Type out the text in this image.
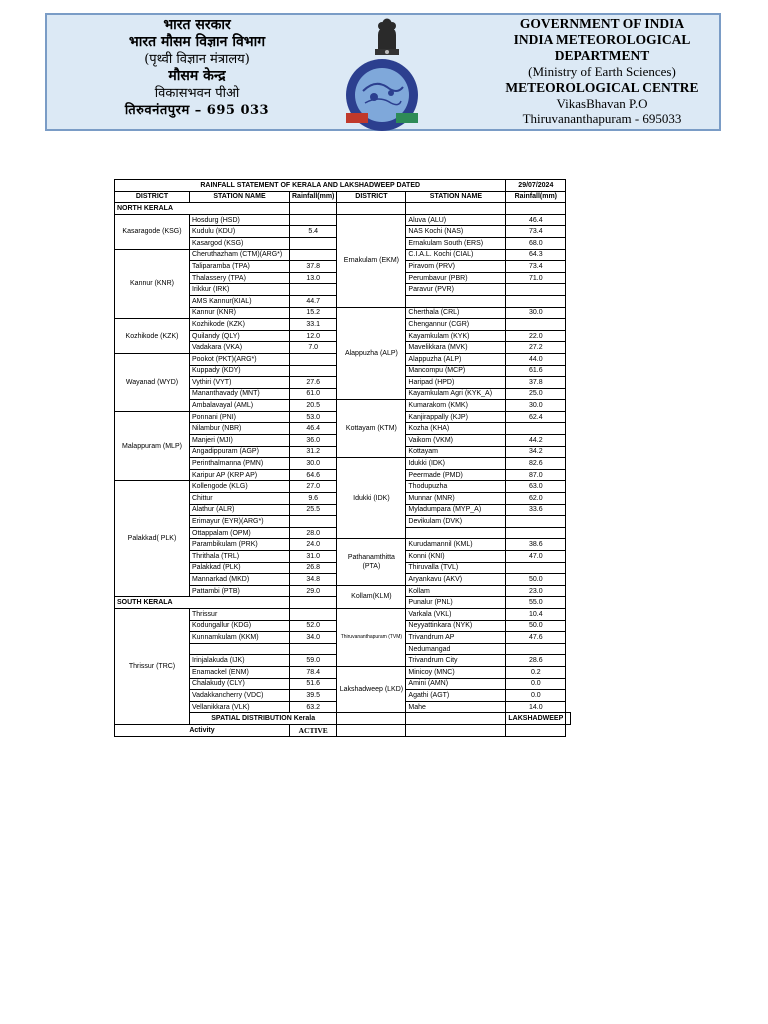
भारत सरकार
भारत मौसम विज्ञान विभाग
(पृथ्वी विज्ञान मंत्रालय)
मौसम केन्द्र
विकासभवन पीओ
तिरुवनंतपुरम – 695 033
GOVERNMENT OF INDIA
INDIA METEOROLOGICAL
DEPARTMENT
(Ministry of Earth Sciences)
METEOROLOGICAL CENTRE
VikasBhavan P.O
Thiruvananthapuram - 695033
RAINFALL STATEMENT OF KERALA AND LAKSHADWEEP DATED					29/07/2024	
DISTRICT	STATION NAME	Rainfall(mm)	DISTRICT	STATION NAME	Rainfall(mm)	
NORTH KERALA						
Kasaragode (KSG)	Hosdurg (HSD)		Ernakulam (EKM)	Aluva (ALU)	46.4	
	Kudulu (KDU)	5.4		NAS Kochi (NAS)	73.4	
	Kasargod (KSG)			Ernakulam South (ERS)	68.0	
Kannur (KNR)	Cheruthazham (CTM)(ARG*)			C.I.A.L. Kochi (CIAL)	64.3	
	Taliparamba (TPA)	37.8		Piravom (PRV)	73.4	
	Thalassery (TPA)	13.0		Perumbavur (PBR)	71.0	
	Irikkur (IRK)			Paravur (PVR)		
	AMS Kannur(KIAL)	44.7				
	Kannur (KNR)	15.2	Alappuzha (ALP)	Cherthala (CRL)	30.0	
Kozhikode (KZK)	Kozhikode (KZK)	33.1		Chengannur (CGR)		
	Quilandy (QLY)	12.0		Kayamkulam (KYK)	22.0	
	Vadakara (VKA)	7.0		Mavelikkara (MVK)	27.2	
Wayanad (WYD)	Pookot (PKT)(ARG*)			Alappuzha (ALP)	44.0	
	Kuppady (KDY)			Mancompu (MCP)	61.6	
	Vythiri (VYT)	27.6		Haripad (HPD)	37.8	
	Mananthavady (MNT)	61.0		Kayamkulam Agri (KYK_A)	25.0	
	Ambalavayal (AML)	20.5	Kottayam (KTM)	Kumarakom (KMK)	30.0	
Malappuram (MLP)	Ponnani (PNI)	53.0		Kanjirappally (KJP)	62.4	
	Nilambur (NBR)	46.4		Kozha (KHA)		
	Manjeri (MJI)	36.0		Vaikom (VKM)	44.2	
	Angadippuram (AGP)	31.2		Kottayam	34.2	
	Perinthalmanna (PMN)	30.0	Idukki (IDK)	Idukki (IDK)	82.6	
	Karipur AP (KRP AP)	64.6		Peermade (PMD)	87.0	
Palakkad( PLK)	Kollengode (KLG)	27.0		Thodupuzha	63.0	
	Chittur	9.6		Munnar (MNR)	62.0	
	Alathur (ALR)	25.5		Myladumpara (MYP_A)	33.6	
	Erimayur (EYR)(ARG*)			Devikulam (DVK)		
	Ottappalam (OPM)	28.0				
	Parambikulam (PRK)	24.0	Pathanamthitta (PTA)	Kurudamannil (KML)	38.6	
	Thrithala (TRL)	31.0		Konni (KNI)	47.0	
	Palakkad (PLK)	26.8		Thiruvalla (TVL)		
	Mannarkad (MKD)	34.8		Aryankavu (AKV)	50.0	
	Pattambi (PTB)	29.0	Kollam(KLM)	Kollam	23.0	
SOUTH KERALA				Punalur (PNL)	55.0	
Thrissur (TRC)	Thrissur		Thiruvananthapuram (TVM)	Varkala (VKL)	10.4	
	Kodungallur (KDG)	52.0		Neyyattinkara (NYK)	50.0	
	Kunnamkulam (KKM)	34.0		Trivandrum AP	47.6	
				Nedumangad		
	Irinjalakuda (IJK)	59.0		Trivandrum City	28.6	
	Enamackel (ENM)	78.4	Lakshadweep (LKD)	Minicoy (MNC)	0.2	
	Chalakudy (CLY)	51.6		Amini (AMN)	0.0	
	Vadakkancherry (VDC)	39.5		Agathi (AGT)	0.0	
	Vellanikkara (VLK)	63.2		Mahe	14.0	
	SPATIAL DISTRIBUTION Kerala				LAKSHADWEEP	
Activity		ACTIVE				
